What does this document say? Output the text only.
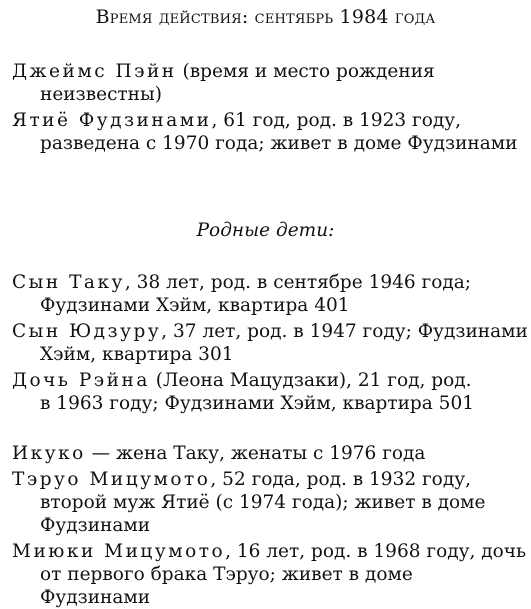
Время действия: сентябрь 1984 года
Джеймс Пэйн (время и место рождения
неизвестны)
Ятиё Фудзинами, 61 год, род. в 1923 году,
разведена с 1970 года; живет в доме Фудзинами
Родные дети:
Сын Таку, 38 лет, род. в сентябре 1946 года;
Фудзинами Хэйм, квартира 401
Сын Юдзуру, 37 лет, род. в 1947 году; Фудзинами
Хэйм, квартира 301
Дочь Рэйна (Леона Мацудзаки), 21 год, род.
в 1963 году; Фудзинами Хэйм, квартира 501
Икуко — жена Таку, женаты с 1976 года
Тэруо Мицумото, 52 года, род. в 1932 году,
второй муж Ятиё (с 1974 года); живет в доме
Фудзинами
Миюки Мицумото, 16 лет, род. в 1968 году, дочь
от первого брака Тэруо; живет в доме Фудзинами
